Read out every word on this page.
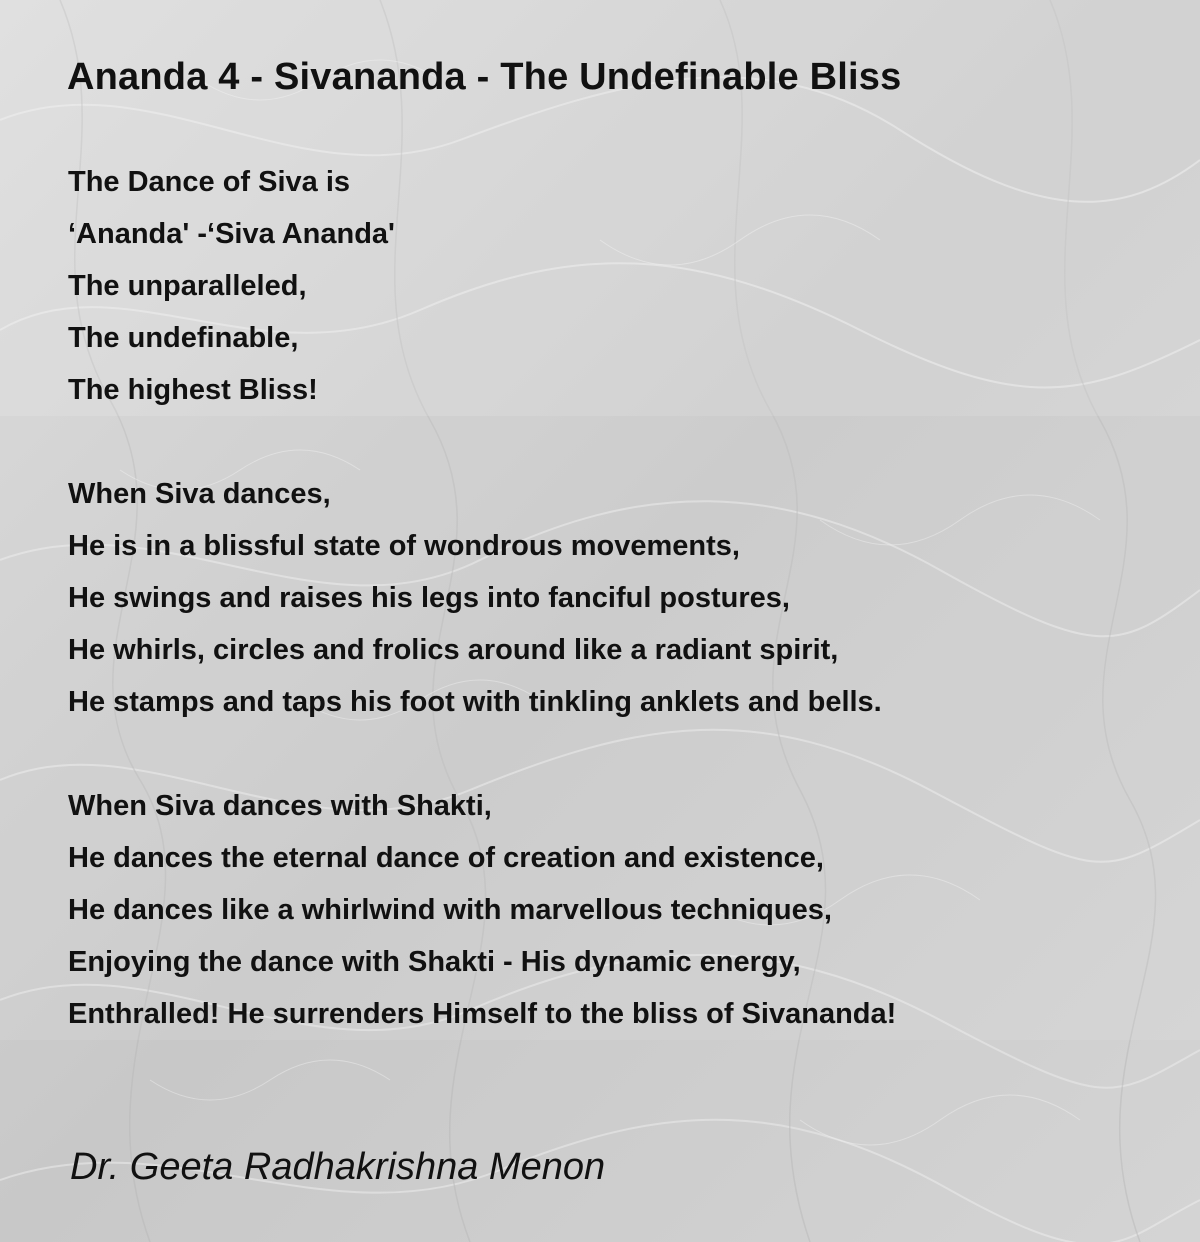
Ananda 4 - Sivananda - The Undefinable Bliss
The Dance of Siva is
‘Ananda' -‘Siva Ananda'
The unparalleled,
The undefinable,
The highest Bliss!
When Siva dances,
He is in a blissful state of wondrous movements,
He swings and raises his legs into fanciful postures,
He whirls, circles and frolics around like a radiant spirit,
He stamps and taps his foot with tinkling anklets and bells.
When Siva dances with Shakti,
He dances the eternal dance of creation and existence,
He dances like a whirlwind with marvellous techniques,
Enjoying the dance with Shakti - His dynamic energy,
Enthralled! He surrenders Himself to the bliss of Sivananda!
Dr. Geeta Radhakrishna Menon
